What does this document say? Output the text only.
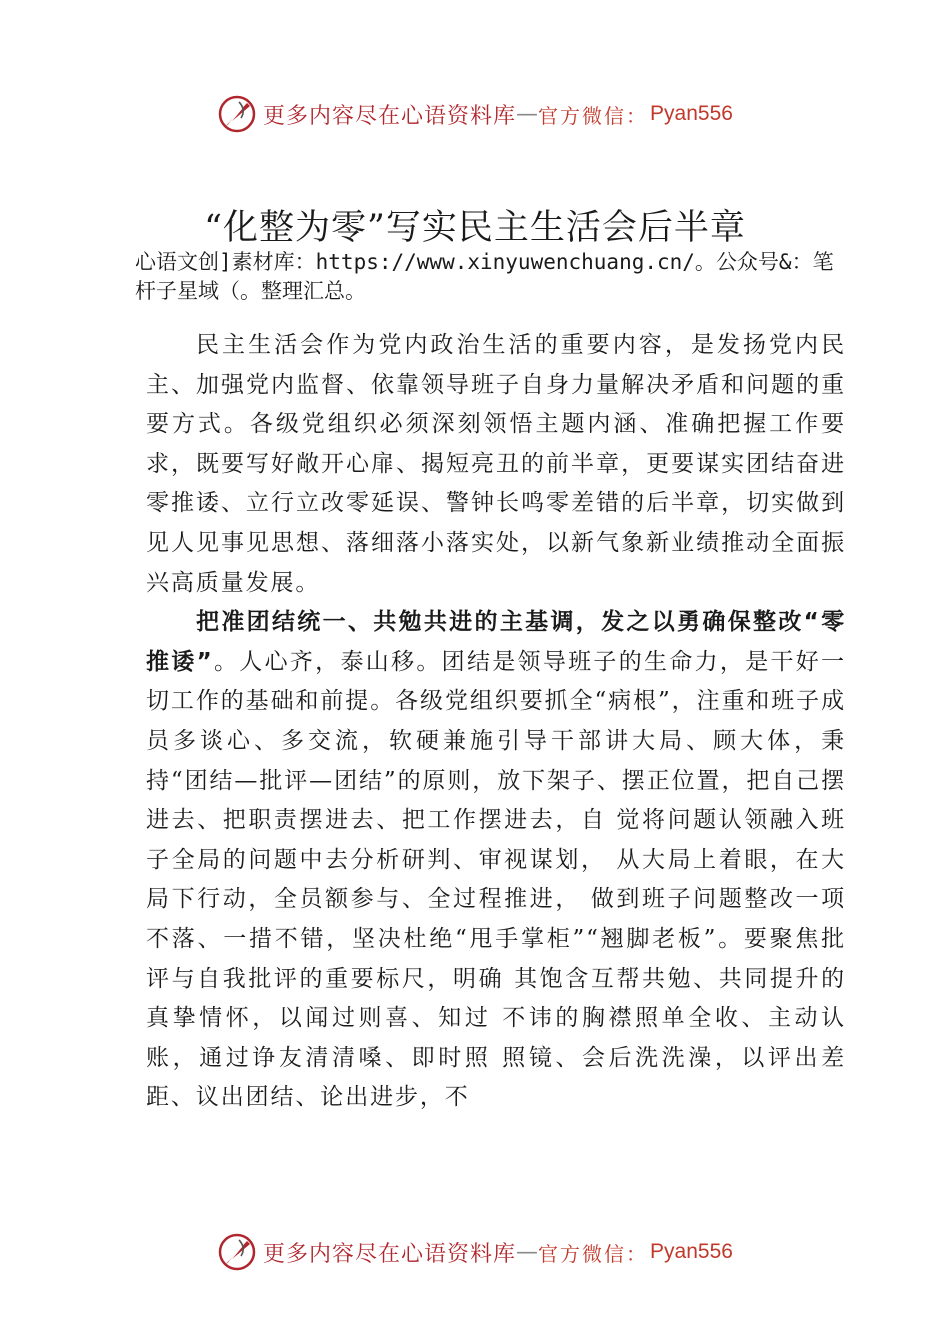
更多内容尽在心语资料库 — 官方微信 ： Pyan556
“化整为零”写实民主生活会后半章

心语文创]素材库：https://www.xinyuwenchuang.cn/。公众号&：笔杆子星域（。整理汇总。

民主生活会作为党内政治生活的重要内容，是发扬党内民主、加强党内监督、依靠领导班子自身力量解决矛盾和问题的重要方式。各级党组织必须深刻领悟主题内涵、准确把握工作要求，既要写好敞开心扉、揭短亮丑的前半章，更要谋实团结奋进零推诿、立行立改零延误、警钟长鸣零差错的后半章，切实做到见人见事见思想、落细落小落实处，以新气象新业绩推动全面振兴高质量发展。

把准团结统一、共勉共进的主基调，发之以勇确保整改“零推诿”。人心齐，泰山移。团结是领导班子的生命力，是干好一切工作的基础和前提。各级党组织要抓全“病根”，注重和班子成员多谈心、多交流，软硬兼施引导干部讲大局、顾大体，秉持“团结—批评—团结”的原则，放下架子、摆正位置，把自己摆进去、把职责摆进去、把工作摆进去，自 觉将问题认领融入班子全局的问题中去分析研判、审视谋划， 从大局上着眼，在大局下行动，全员额参与、全过程推进， 做到班子问题整改一项不落、一措不错，坚决杜绝“甩手掌柜”“翘脚老板”。要聚焦批评与自我批评的重要标尺，明确 其饱含互帮共勉、共同提升的真挚情怀，以闻过则喜、知过 不讳的胸襟照单全收、主动认账，通过诤友清清嗓、即时照 照镜、会后洗洗澡，以评出差距、议出团结、论出进步，不

更多内容尽在心语资料库 — 官方微信 ： Pyan556
